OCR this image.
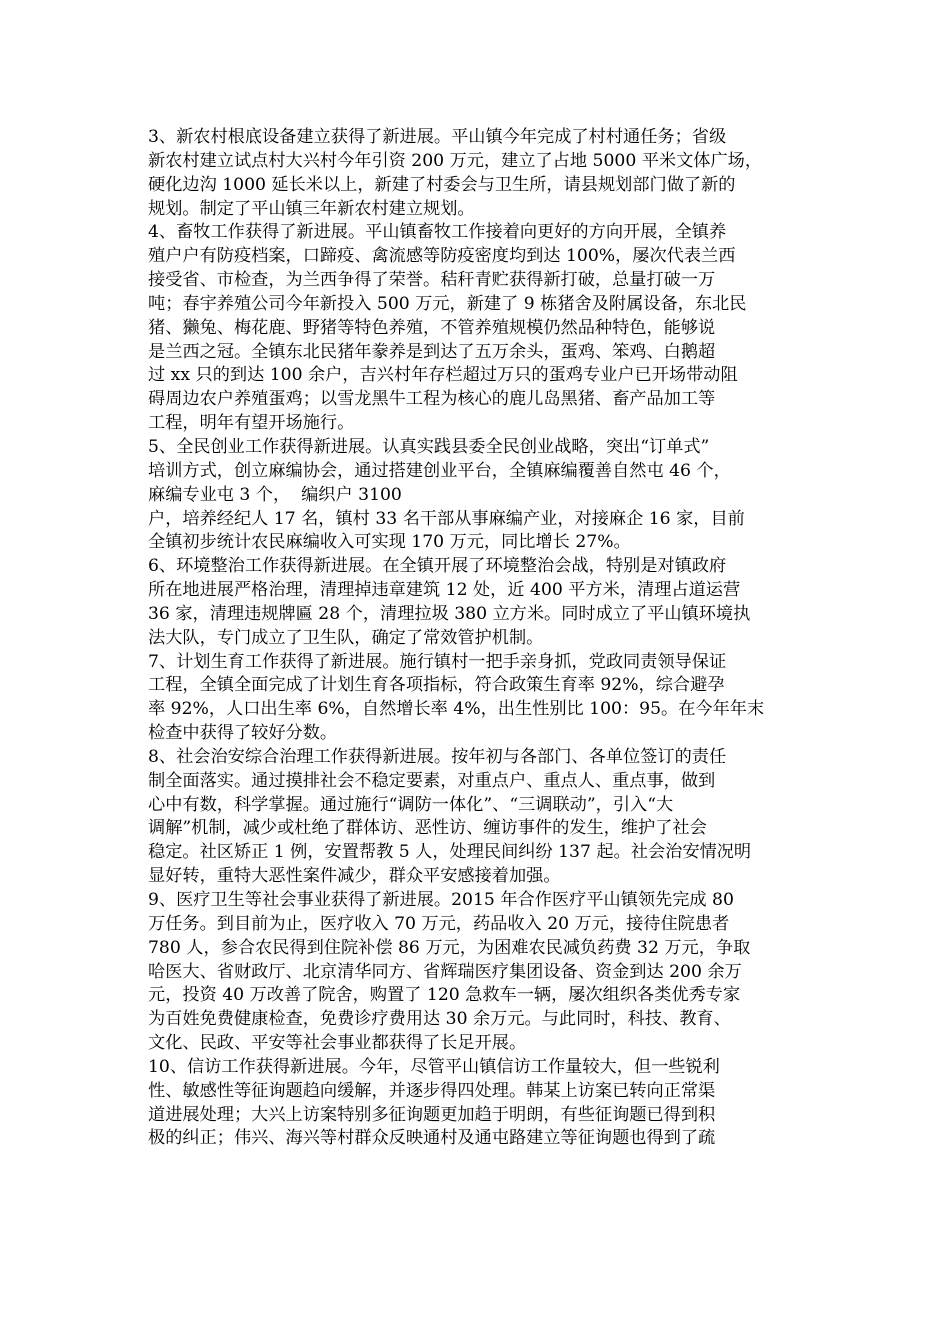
3、新农村根底设备建立获得了新进展。平山镇今年完成了村村通任务；省级
新农村建立试点村大兴村今年引资 200 万元，建立了占地 5000 平米文体广场，
硬化边沟 1000 延长米以上，新建了村委会与卫生所，请县规划部门做了新的
规划。制定了平山镇三年新农村建立规划。

4、畜牧工作获得了新进展。平山镇畜牧工作接着向更好的方向开展，全镇养
殖户户有防疫档案，口蹄疫、禽流感等防疫密度均到达 100%，屡次代表兰西
接受省、市检查，为兰西争得了荣誉。秸秆青贮获得新打破，总量打破一万
吨；春宇养殖公司今年新投入 500 万元，新建了 9 栋猪舍及附属设备，东北民
猪、獭兔、梅花鹿、野猪等特色养殖，不管养殖规模仍然品种特色，能够说
是兰西之冠。全镇东北民猪年豢养是到达了五万余头，蛋鸡、笨鸡、白鹅超
过 xx 只的到达 100 余户，吉兴村年存栏超过万只的蛋鸡专业户已开场带动阻
碍周边农户养殖蛋鸡；以雪龙黑牛工程为核心的鹿儿岛黑猪、畜产品加工等
工程，明年有望开场施行。

5、全民创业工作获得新进展。认真实践县委全民创业战略，突出“订单式”
培训方式，创立麻编协会，通过搭建创业平台，全镇麻编覆善自然屯 46 个，
麻编专业屯 3 个，  编织户 3100
户，培养经纪人 17 名，镇村 33 名干部从事麻编产业，对接麻企 16 家，目前
全镇初步统计农民麻编收入可实现 170 万元，同比增长 27%。

6、环境整治工作获得新进展。在全镇开展了环境整治会战，特别是对镇政府
所在地进展严格治理，清理掉违章建筑 12 处，近 400 平方米，清理占道运营
36 家，清理违规牌匾 28 个，清理拉圾 380 立方米。同时成立了平山镇环境执
法大队，专门成立了卫生队，确定了常效管护机制。

7、计划生育工作获得了新进展。施行镇村一把手亲身抓，党政同责领导保证
工程，全镇全面完成了计划生育各项指标，符合政策生育率 92%，综合避孕
率 92%，人口出生率 6%，自然增长率 4%，出生性别比 100：95。在今年年末
检查中获得了较好分数。

8、社会治安综合治理工作获得新进展。按年初与各部门、各单位签订的责任
制全面落实。通过摸排社会不稳定要素，对重点户、重点人、重点事，做到
心中有数，科学掌握。通过施行“调防一体化”、“三调联动”，引入“大
调解”机制，减少或杜绝了群体访、恶性访、缠访事件的发生，维护了社会
稳定。社区矫正 1 例，安置帮教 5 人，处理民间纠纷 137 起。社会治安情况明
显好转，重特大恶性案件减少，群众平安感接着加强。

9、医疗卫生等社会事业获得了新进展。2015 年合作医疗平山镇领先完成 80
万任务。到目前为止，医疗收入 70 万元，药品收入 20 万元，接待住院患者
780 人，参合农民得到住院补偿 86 万元，为困难农民减负药费 32 万元，争取
哈医大、省财政厅、北京清华同方、省辉瑞医疗集团设备、资金到达 200 余万
元，投资 40 万改善了院舍，购置了 120 急救车一辆，屡次组织各类优秀专家
为百姓免费健康检查，免费诊疗费用达 30 余万元。与此同时，科技、教育、
文化、民政、平安等社会事业都获得了长足开展。

10、信访工作获得新进展。今年，尽管平山镇信访工作量较大，但一些锐利
性、敏感性等征询题趋向缓解，并逐步得四处理。韩某上访案已转向正常渠
道进展处理；大兴上访案特别多征询题更加趋于明朗，有些征询题已得到积
极的纠正；伟兴、海兴等村群众反映通村及通屯路建立等征询题也得到了疏
